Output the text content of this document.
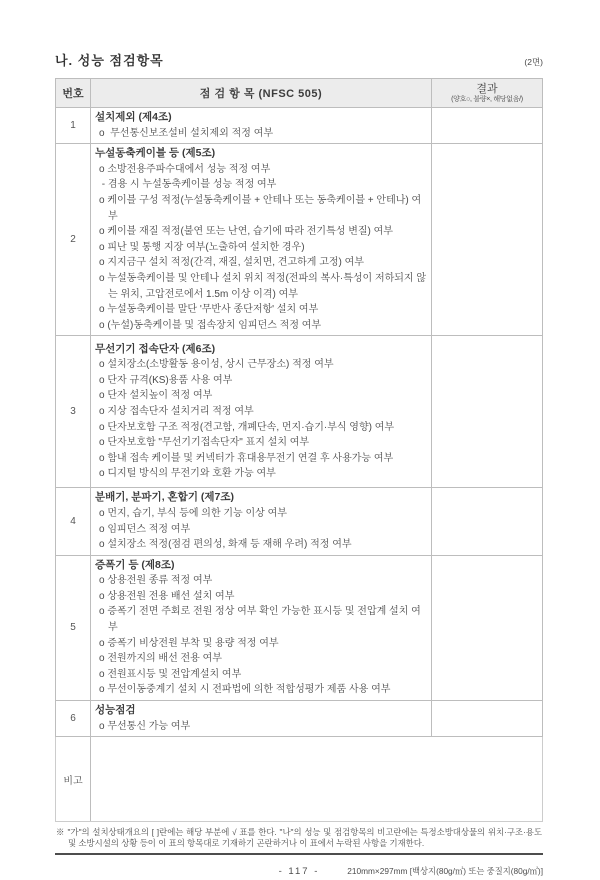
나. 성능 점검항목	(2면)
번호	점 검 항 목 (NFSC 505)	결과
(양호○, 불량×, 해당없음/)

1	설치제외 (제4조)
o  무선통신보조설비 설치제외 적정 여부	

2	
누설동축케이블 등 (제5조)
o 소방전용주파수대에서 성능 적정 여부
- 겸용 시 누설동축케이블 성능 적정 여부
o 케이블 구성 적정(누설동축케이블 + 안테나 또는 동축케이블 + 안테나) 여부
o 케이블 재질 적정(불연 또는 난연, 습기에 따라 전기특성 변질) 여부
o 피난 및 통행 지장 여부(노출하여 설치한 경우)
o 지지금구 설치 적정(간격, 재질, 설치면, 견고하게 고정) 여부
o 누설동축케이블 및 안테나 설치 위치 적정(전파의 복사·특성이 저하되지 않는 위치, 고압전로에서 1.5m 이상 이격) 여부
o 누설동축케이블 말단 '무반사 종단저항' 설치 여부
o (누설)동축케이블 및 접속장치 임피던스 적정 여부

3	
무선기기 접속단자 (제6조)
o 설치장소(소방활동 용이성, 상시 근무장소) 적정 여부
o 단자 규격(KS)용품 사용 여부
o 단자 설치높이 적정 여부
o 지상 접속단자 설치거리 적정 여부
o 단자보호함 구조 적정(견고함, 개폐단속, 먼지·습기·부식 영향) 여부
o 단자보호함 "무선기기접속단자" 표지 설치 여부
o 함내 접속 케이블 및 커넥터가 휴대용무전기 연결 후 사용가능 여부
o 디지털 방식의 무전기와 호환 가능 여부

4	분배기, 분파기, 혼합기 (제7조)
o 먼지, 습기, 부식 등에 의한 기능 이상 여부
o 임피던스 적정 여부
o 설치장소 적정(점검 편의성, 화재 등 재해 우려) 적정 여부	

5	
증폭기 등 (제8조)
o 상용전원 종류 적정 여부
o 상용전원 전용 배선 설치 여부
o 증폭기 전면 주회로 전원 정상 여부 확인 가능한 표시등 및 전압계 설치 여부
o 증폭기 비상전원 부착 및 용량 적정 여부
o 전원까지의 배선 전용 여부
o 전원표시등 및 전압계설치 여부
o 무선이동중계기 설치 시 전파법에 의한 적합성평가 제품 사용 여부

6	성능점검
o 무선통신 가능 여부	

비고		
※ "가"의 설치상태개요의 [ ]란에는 해당 부분에 √ 표를 한다. "나"의 성능 및 점검항목의 비고란에는 특정소방대상물의 위치·구조·용도 및 소방시설의 상황 등이 이 표의 항목대로 기재하기 곤란하거나 이 표에서 누락된 사항을 기재한다.
- 117 -	210mm×297mm [백상지(80g/㎡) 또는 중질지(80g/㎡)]
